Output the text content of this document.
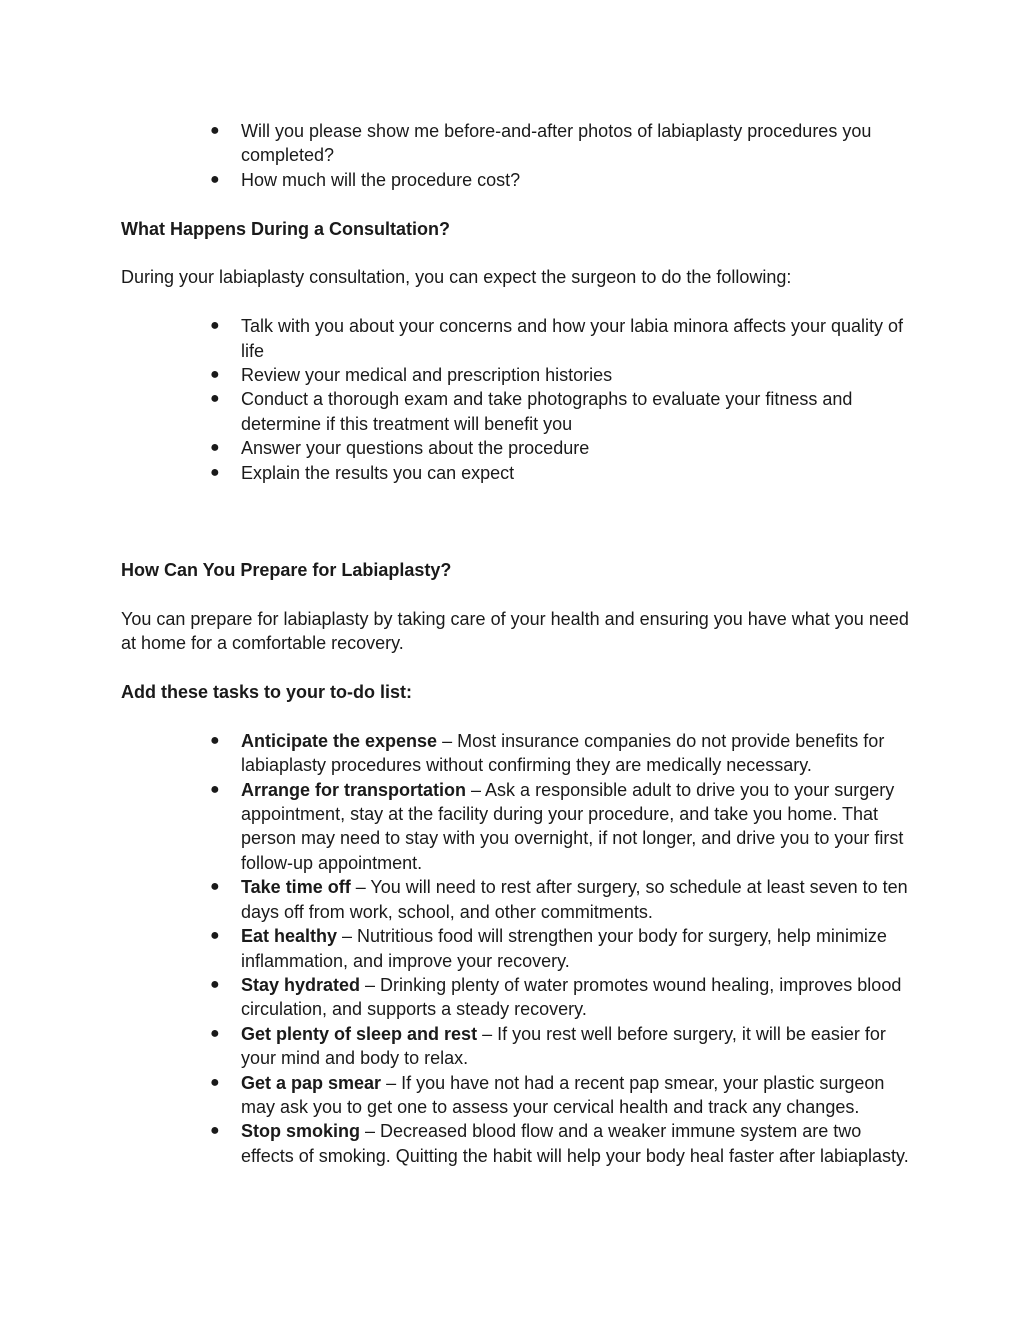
● Will you please show me before-and-after photos of labiaplasty procedures you completed?
● How much will the procedure cost?

What Happens During a Consultation?

During your labiaplasty consultation, you can expect the surgeon to do the following:

● Talk with you about your concerns and how your labia minora affects your quality of life
● Review your medical and prescription histories
● Conduct a thorough exam and take photographs to evaluate your fitness and determine if this treatment will benefit you
● Answer your questions about the procedure
● Explain the results you can expect

How Can You Prepare for Labiaplasty?

You can prepare for labiaplasty by taking care of your health and ensuring you have what you need at home for a comfortable recovery.

Add these tasks to your to-do list:

● Anticipate the expense – Most insurance companies do not provide benefits for labiaplasty procedures without confirming they are medically necessary.
● Arrange for transportation – Ask a responsible adult to drive you to your surgery appointment, stay at the facility during your procedure, and take you home. That person may need to stay with you overnight, if not longer, and drive you to your first follow-up appointment.
● Take time off – You will need to rest after surgery, so schedule at least seven to ten days off from work, school, and other commitments.
● Eat healthy – Nutritious food will strengthen your body for surgery, help minimize inflammation, and improve your recovery.
● Stay hydrated – Drinking plenty of water promotes wound healing, improves blood circulation, and supports a steady recovery.
● Get plenty of sleep and rest – If you rest well before surgery, it will be easier for your mind and body to relax.
● Get a pap smear – If you have not had a recent pap smear, your plastic surgeon may ask you to get one to assess your cervical health and track any changes.
● Stop smoking – Decreased blood flow and a weaker immune system are two effects of smoking. Quitting the habit will help your body heal faster after labiaplasty.
